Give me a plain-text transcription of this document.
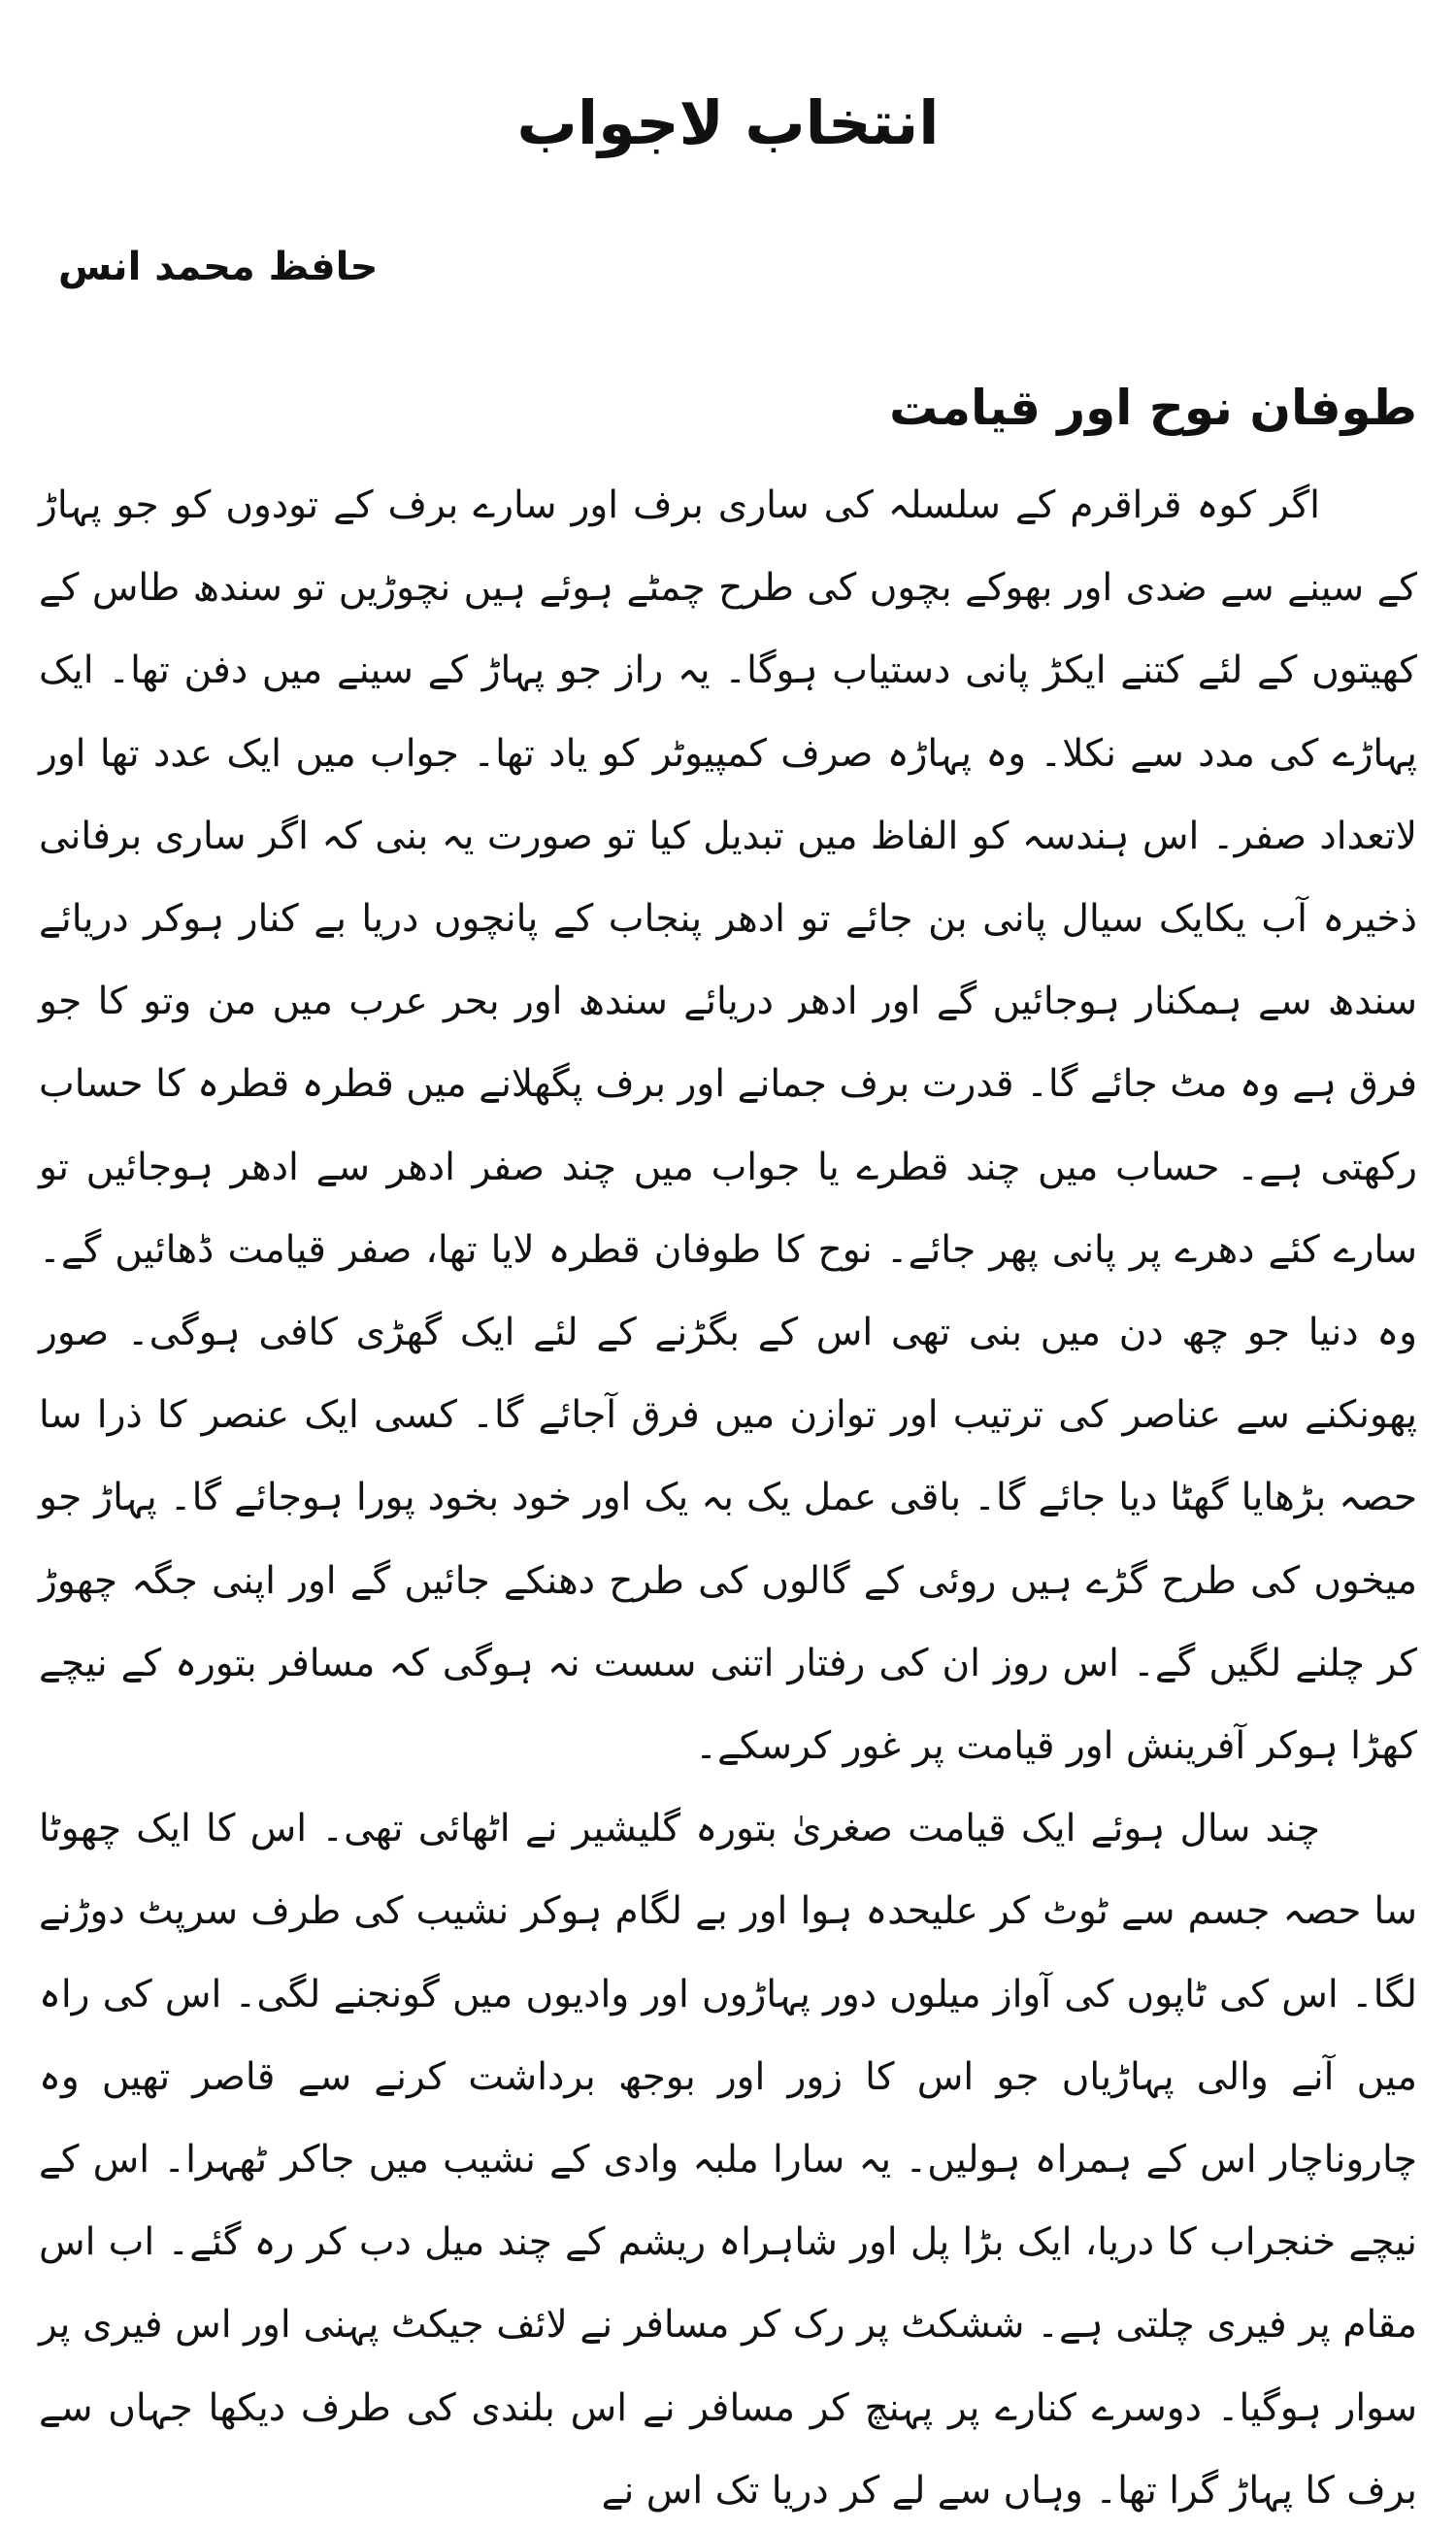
انتخاب لاجواب
حافظ محمد انس
طوفان نوح اور قیامت

اگر کوہ قراقرم کے سلسلہ کی ساری برف اور سارے برف کے تودوں کو جو پہاڑ کے سینے سے ضدی اور بھوکے بچوں کی طرح چمٹے ہوئے ہیں نچوڑیں تو سندھ طاس کے کھیتوں کے لئے کتنے ایکڑ پانی دستیاب ہوگا۔ یہ راز جو پہاڑ کے سینے میں دفن تھا۔ ایک پہاڑے کی مدد سے نکلا۔ وہ پہاڑہ صرف کمپیوٹر کو یاد تھا۔ جواب میں ایک عدد تھا اور لاتعداد صفر۔ اس ہندسہ کو الفاظ میں تبدیل کیا تو صورت یہ بنی کہ اگر ساری برفانی ذخیرہ آب یکایک سیال پانی بن جائے تو ادھر پنجاب کے پانچوں دریا بے کنار ہوکر دریائے سندھ سے ہمکنار ہوجائیں گے اور ادھر دریائے سندھ اور بحر عرب میں من وتو کا جو فرق ہے وہ مٹ جائے گا۔ قدرت برف جمانے اور برف پگھلانے میں قطرہ قطرہ کا حساب رکھتی ہے۔ حساب میں چند قطرے یا جواب میں چند صفر ادھر سے ادھر ہوجائیں تو سارے کئے دھرے پر پانی پھر جائے۔ نوح کا طوفان قطرہ لایا تھا، صفر قیامت ڈھائیں گے۔ وہ دنیا جو چھ دن میں بنی تھی اس کے بگڑنے کے لئے ایک گھڑی کافی ہوگی۔ صور پھونکنے سے عناصر کی ترتیب اور توازن میں فرق آجائے گا۔ کسی ایک عنصر کا ذرا سا حصہ بڑھایا گھٹا دیا جائے گا۔ باقی عمل یک بہ یک اور خود بخود پورا ہوجائے گا۔ پہاڑ جو میخوں کی طرح گڑے ہیں روئی کے گالوں کی طرح دھنکے جائیں گے اور اپنی جگہ چھوڑ کر چلنے لگیں گے۔ اس روز ان کی رفتار اتنی سست نہ ہوگی کہ مسافر بتورہ کے نیچے کھڑا ہوکر آفرینش اور قیامت پر غور کرسکے۔

چند سال ہوئے ایک قیامت صغریٰ بتورہ گلیشیر نے اٹھائی تھی۔ اس کا ایک چھوٹا سا حصہ جسم سے ٹوٹ کر علیحدہ ہوا اور بے لگام ہوکر نشیب کی طرف سرپٹ دوڑنے لگا۔ اس کی ٹاپوں کی آواز میلوں دور پہاڑوں اور وادیوں میں گونجنے لگی۔ اس کی راہ میں آنے والی پہاڑیاں جو اس کا زور اور بوجھ برداشت کرنے سے قاصر تھیں وہ چاروناچار اس کے ہمراہ ہولیں۔ یہ سارا ملبہ وادی کے نشیب میں جاکر ٹھہرا۔ اس کے نیچے خنجراب کا دریا، ایک بڑا پل اور شاہراہ ریشم کے چند میل دب کر رہ گئے۔ اب اس مقام پر فیری چلتی ہے۔ ششکٹ پر رک کر مسافر نے لائف جیکٹ پہنی اور اس فیری پر سوار ہوگیا۔ دوسرے کنارے پر پہنچ کر مسافر نے اس بلندی کی طرف دیکھا جہاں سے برف کا پہاڑ گرا تھا۔ وہاں سے لے کر دریا تک اس نے
